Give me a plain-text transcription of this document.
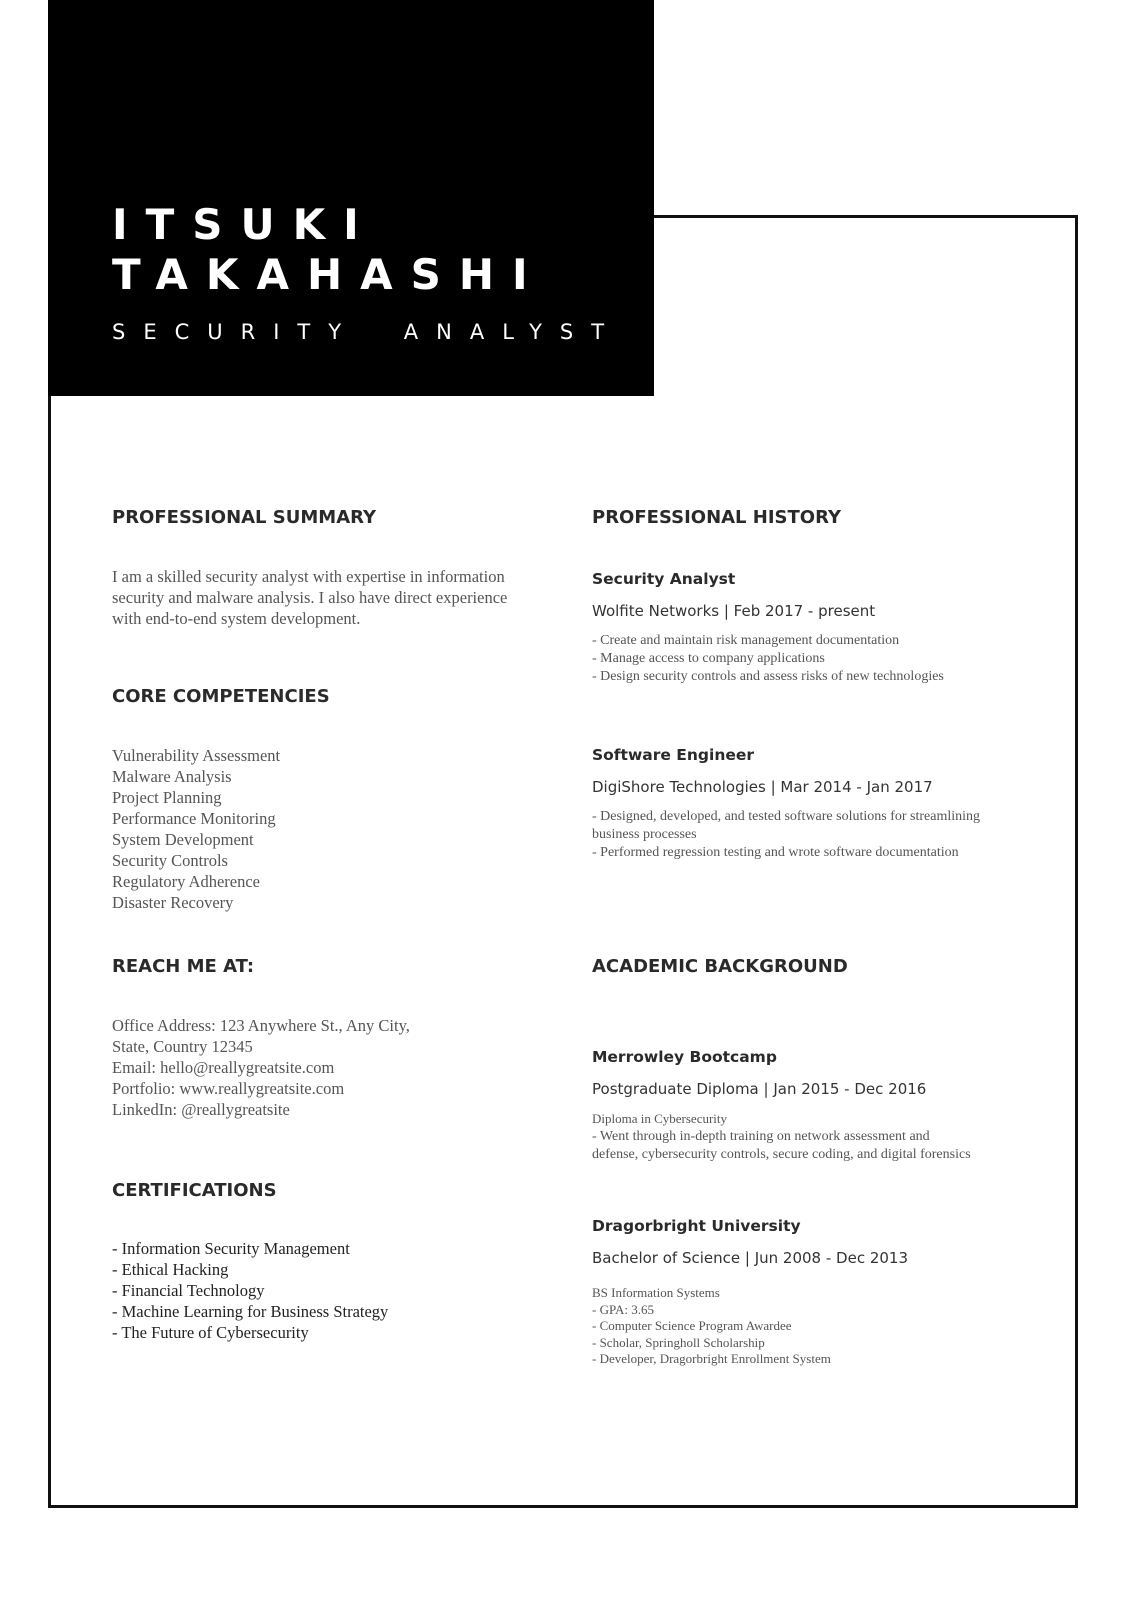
ITSUKI
TAKAHASHI
SECURITY ANALYST
PROFESSIONAL SUMMARY
I am a skilled security analyst with expertise in information
security and malware analysis. I also have direct experience
with end-to-end system development.
CORE COMPETENCIES
Vulnerability Assessment
Malware Analysis
Project Planning
Performance Monitoring
System Development
Security Controls
Regulatory Adherence
Disaster Recovery
REACH ME AT:
Office Address: 123 Anywhere St., Any City,
State, Country 12345
Email: hello@reallygreatsite.com
Portfolio: www.reallygreatsite.com
LinkedIn: @reallygreatsite
CERTIFICATIONS
- Information Security Management
- Ethical Hacking
- Financial Technology
- Machine Learning for Business Strategy
- The Future of Cybersecurity
PROFESSIONAL HISTORY
Security Analyst
Wolfite Networks | Feb 2017 - present
- Create and maintain risk management documentation
- Manage access to company applications
- Design security controls and assess risks of new technologies
Software Engineer
DigiShore Technologies | Mar 2014 - Jan 2017
- Designed, developed, and tested software solutions for streamlining
business processes
- Performed regression testing and wrote software documentation
ACADEMIC BACKGROUND
Merrowley Bootcamp
Postgraduate Diploma | Jan 2015 - Dec 2016
Diploma in Cybersecurity
- Went through in-depth training on network assessment and
defense, cybersecurity controls, secure coding, and digital forensics
Dragorbright University
Bachelor of Science | Jun 2008 - Dec 2013
BS Information Systems
- GPA: 3.65
- Computer Science Program Awardee
- Scholar, Springholl Scholarship
- Developer, Dragorbright Enrollment System
